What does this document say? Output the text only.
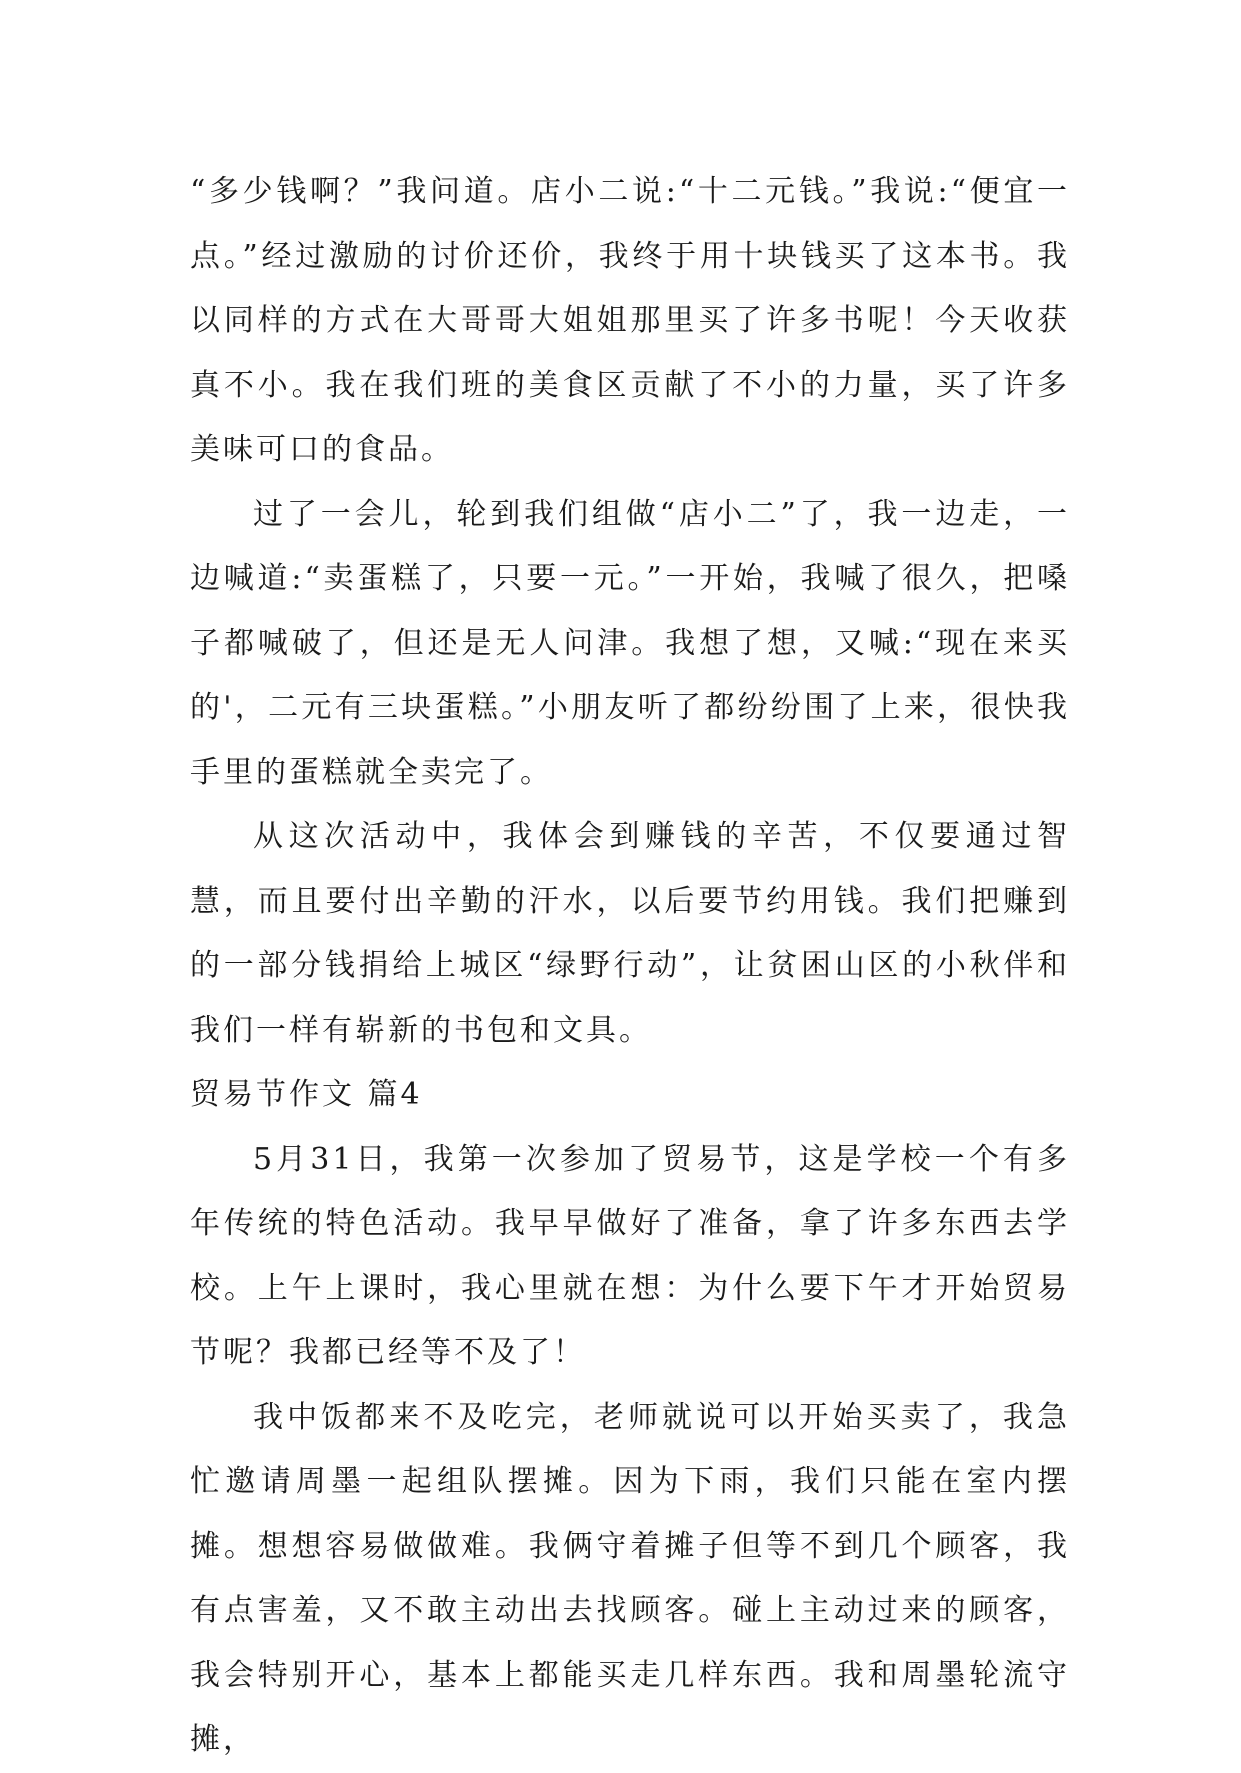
“多少钱啊？”我问道。店小二说:“十二元钱。”我说:“便宜一点。”经过激励的讨价还价，我终于用十块钱买了这本书。我以同样的方式在大哥哥大姐姐那里买了许多书呢！今天收获真不小。我在我们班的美食区贡献了不小的力量，买了许多美味可口的食品。

过了一会儿，轮到我们组做“店小二”了，我一边走，一边喊道:“卖蛋糕了，只要一元。”一开始，我喊了很久，把嗓子都喊破了，但还是无人问津。我想了想，又喊:“现在来买的'，二元有三块蛋糕。”小朋友听了都纷纷围了上来，很快我手里的蛋糕就全卖完了。

从这次活动中，我体会到赚钱的辛苦，不仅要通过智慧，而且要付出辛勤的汗水，以后要节约用钱。我们把赚到的一部分钱捐给上城区“绿野行动”，让贫困山区的小秋伴和我们一样有崭新的书包和文具。

贸易节作文 篇4

5月31日，我第一次参加了贸易节，这是学校一个有多年传统的特色活动。我早早做好了准备，拿了许多东西去学校。上午上课时，我心里就在想：为什么要下午才开始贸易节呢？我都已经等不及了！

我中饭都来不及吃完，老师就说可以开始买卖了，我急忙邀请周墨一起组队摆摊。因为下雨，我们只能在室内摆摊。想想容易做做难。我俩守着摊子但等不到几个顾客，我有点害羞，又不敢主动出去找顾客。碰上主动过来的顾客，我会特别开心，基本上都能买走几样东西。我和周墨轮流守摊，
